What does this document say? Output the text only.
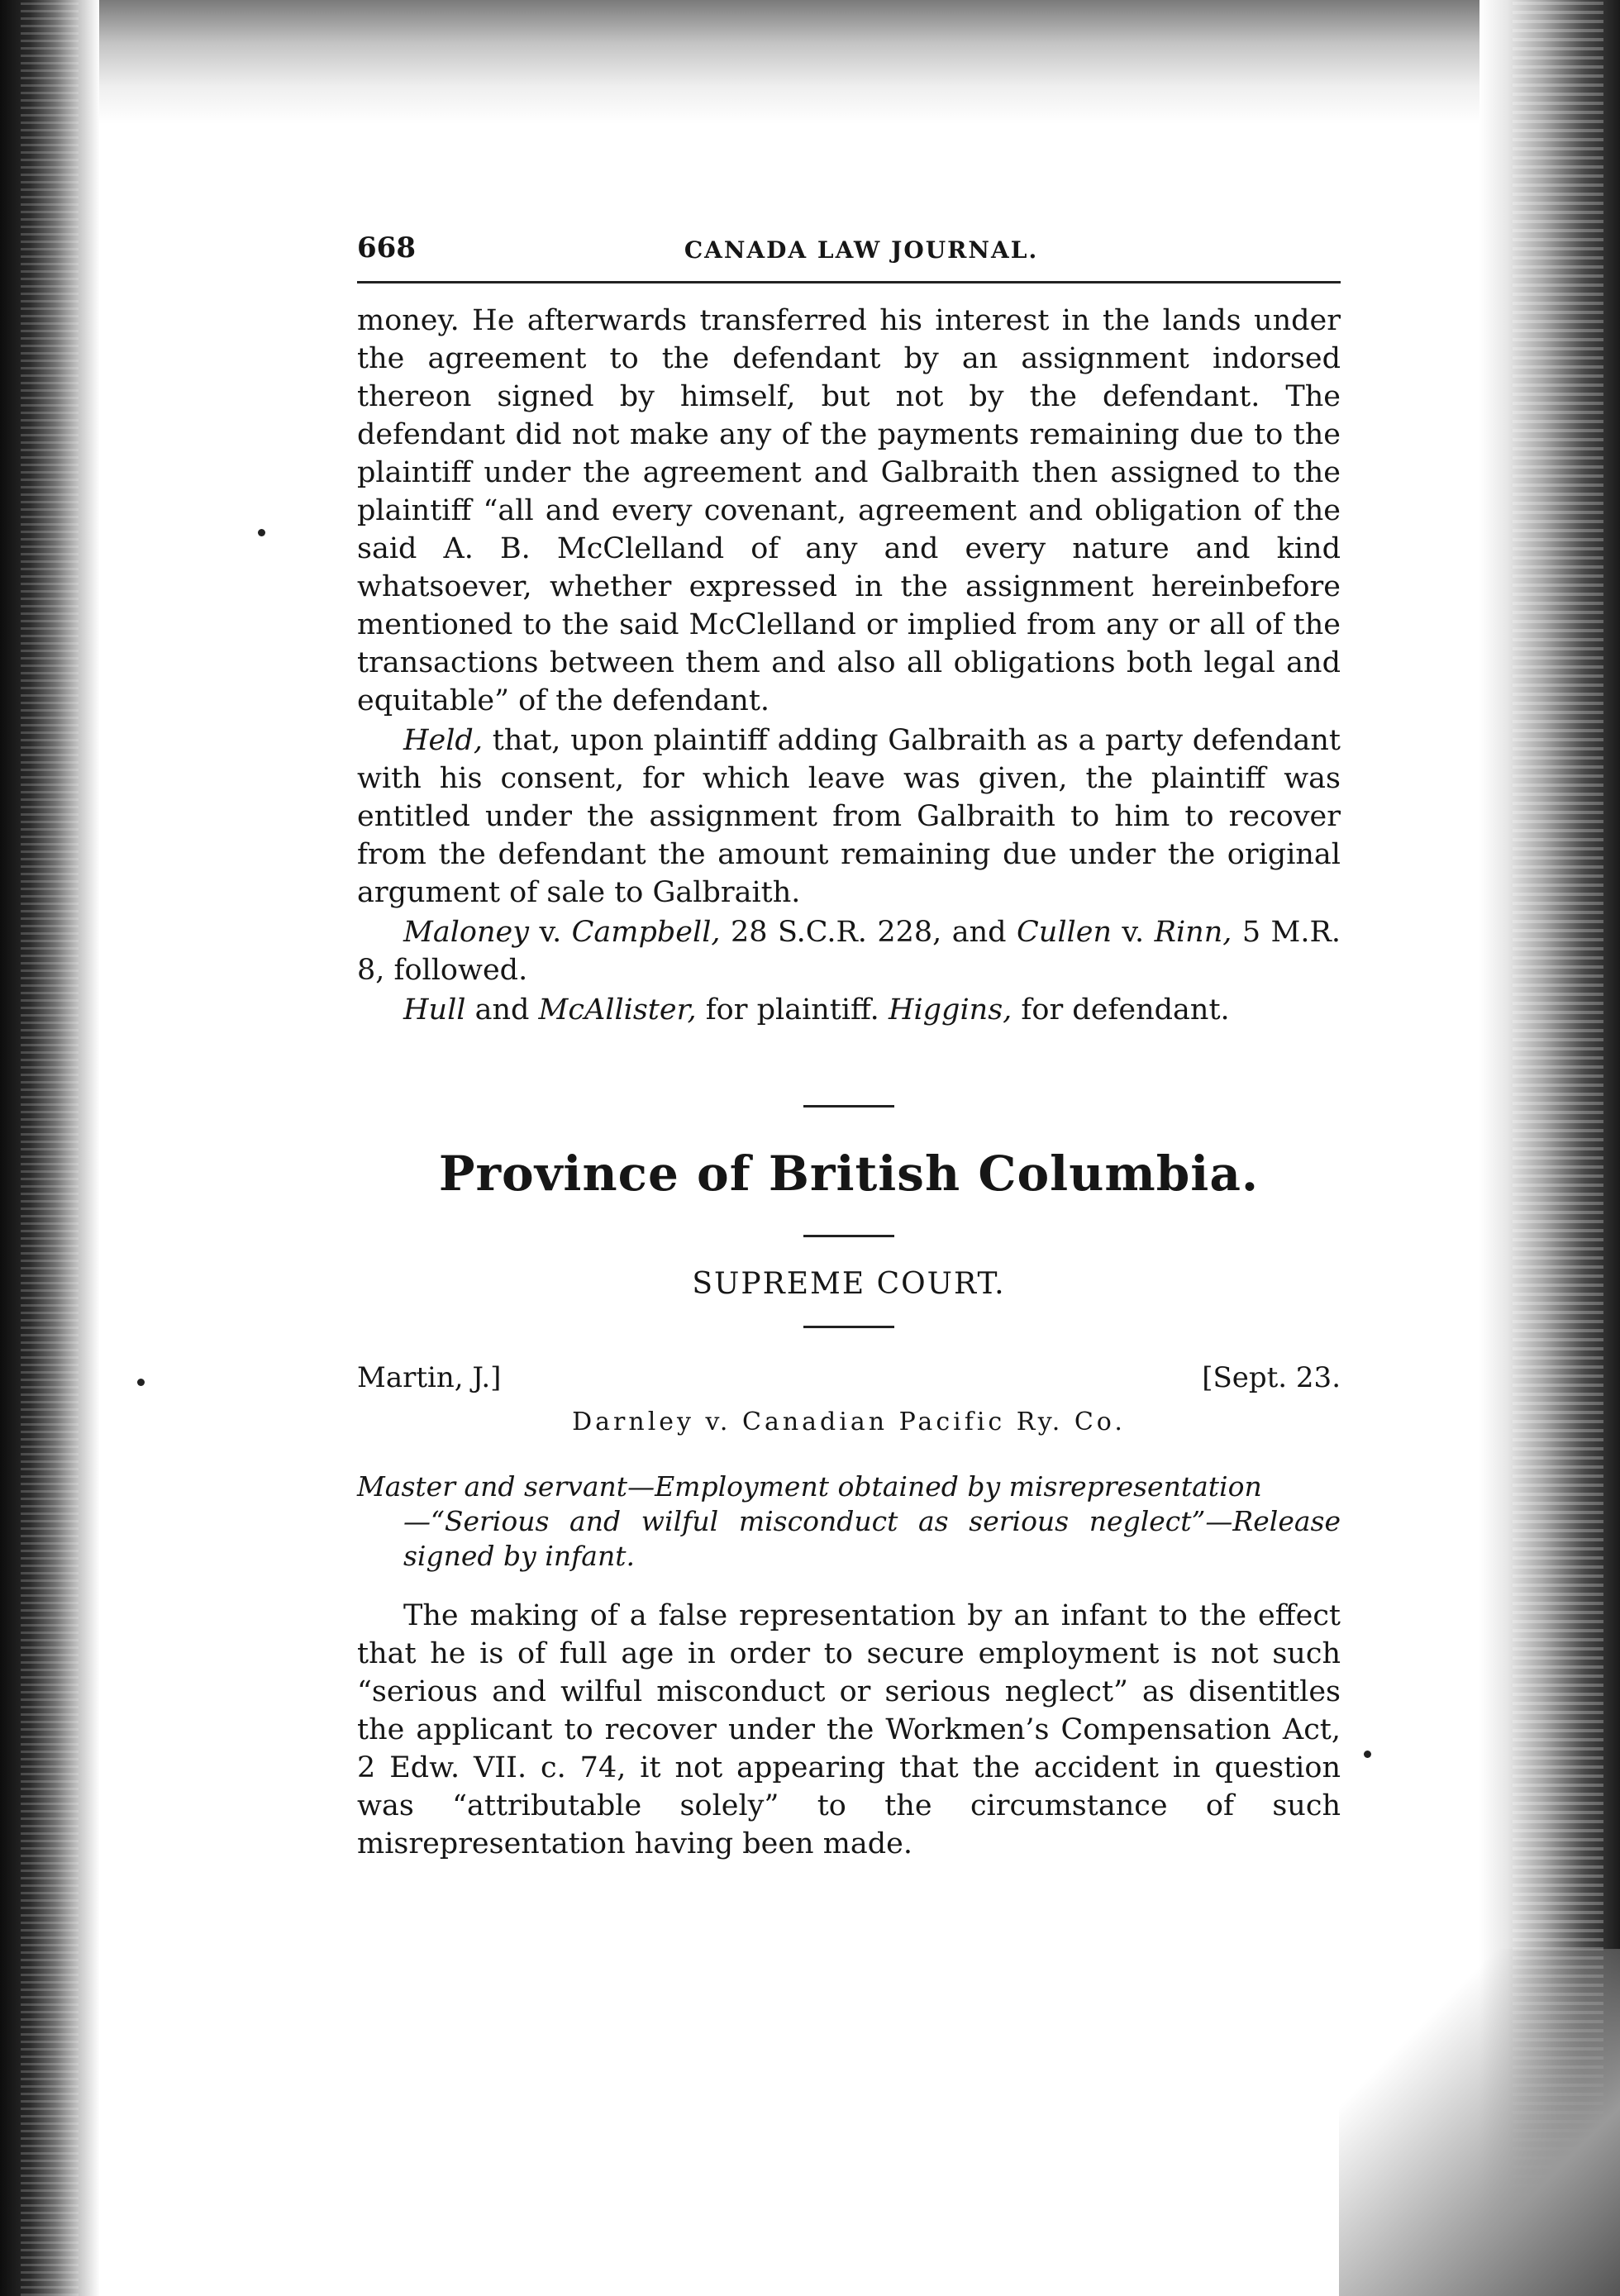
668	CANADA LAW JOURNAL.

money. He afterwards transferred his interest in the lands under the agreement to the defendant by an assignment indorsed thereon signed by himself, but not by the defendant. The defendant did not make any of the payments remaining due to the plaintiff under the agreement and Galbraith then assigned to the plaintiff “all and every covenant, agreement and obligation of the said A. B. McClelland of any and every nature and kind whatsoever, whether expressed in the assignment hereinbefore mentioned to the said McClelland or implied from any or all of the transactions between them and also all obligations both legal and equitable” of the defendant.

Held, that, upon plaintiff adding Galbraith as a party defendant with his consent, for which leave was given, the plaintiff was entitled under the assignment from Galbraith to him to recover from the defendant the amount remaining due under the original argument of sale to Galbraith.

Maloney v. Campbell, 28 S.C.R. 228, and Cullen v. Rinn, 5 M.R. 8, followed.

Hull and McAllister, for plaintiff. Higgins, for defendant.

Province of British Columbia.
SUPREME COURT.
Martin, J.]	[Sept. 23.
Darnley v. Canadian Pacific Ry. Co.

Master and servant—Employment obtained by misrepresentation
—“Serious and wilful misconduct as serious neglect”—Release signed by infant.

The making of a false representation by an infant to the effect that he is of full age in order to secure employment is not such “serious and wilful misconduct or serious neglect” as disentitles the applicant to recover under the Workmen’s Compensation Act, 2 Edw. VII. c. 74, it not appearing that the accident in question was “attributable solely” to the circumstance of such misrepresentation having been made.
